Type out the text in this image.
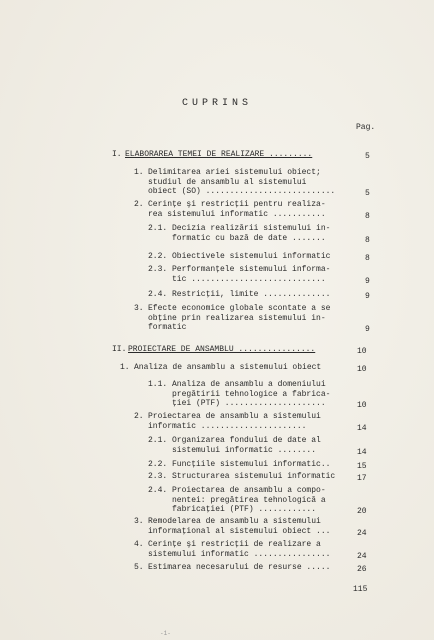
CUPRINS
Pag.
I. ELABORAREA TEMEI DE REALIZARE .........	5
1. Delimitarea ariei sistemului obiect;
studiul de ansamblu al sistemului
obiect (SO) ...........................	5
2. Cerinţe şi restricţii pentru realiza-
rea sistemului informatic ...........	8
2.1. Decizia realizării sistemului in-
formatic cu bază de date .......	8
2.2. Obiectivele sistemului informatic	8
2.3. Performanţele sistemului informa-
tic ............................	9
2.4. Restricţii, limite ..............	9
3. Efecte economice globale scontate a se
obţine prin realizarea sistemului in-
formatic	9
II. PROIECTARE DE ANSAMBLU ................	10
1. Analiza de ansamblu a sistemului obiect	10
1.1. Analiza de ansamblu a domeniului
pregătirii tehnologice a fabrica-
ţiei (PTF) .....................	10
2. Proiectarea de ansamblu a sistemului
informatic ......................	14
2.1. Organizarea fondului de date al
sistemului informatic ........	14
2.2. Funcţiile sistemului informatic..	15
2.3. Structurarea sistemului informatic	17
2.4. Proiectarea de ansamblu a compo-
nentei: pregătirea tehnologică a
fabricaţiei (PTF) ............	20
3. Remodelarea de ansamblu a sistemului
informaţional al sistemului obiect ...	24
4. Cerinţe şi restricţii de realizare a
sistemului informatic ................	24
5. Estimarea necesarului de resurse .....	26
115
-1-
